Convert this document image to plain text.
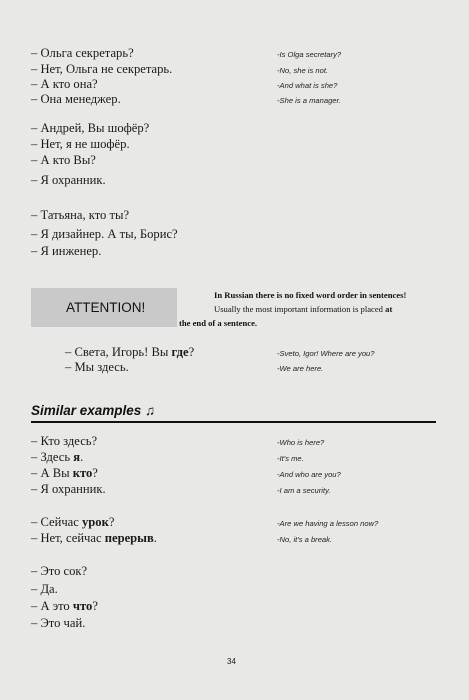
– Ольга секретарь?	-Is Olga secretary?
– Нет, Ольга не секретарь.	-No, she is not.
– А кто она?	-And what is she?
– Она менеджер.	-She is a manager.
– Андрей, Вы шофёр?
– Нет, я не шофёр.
– А кто Вы?
– Я охранник.
– Татьяна, кто ты?
– Я дизайнер. А ты, Борис?
– Я инженер.
ATTENTION!
In Russian there is no fixed word order in sentences!
Usually the most important information is placed at
the end of a sentence.
– Света, Игорь! Вы где?	-Sveto, Igor! Where are you?
– Мы здесь.	-We are here.
Similar examples ♫
– Кто здесь?	-Who is here?
– Здесь я.	-It's me.
– А Вы кто?	-And who are you?
– Я охранник.	-I am a security.
– Сейчас урок?	-Are we having a lesson now?
– Нет, сейчас перерыв.	-No, it's a break.
– Это сок?
– Да.
– А это что?
– Это чай.
34
